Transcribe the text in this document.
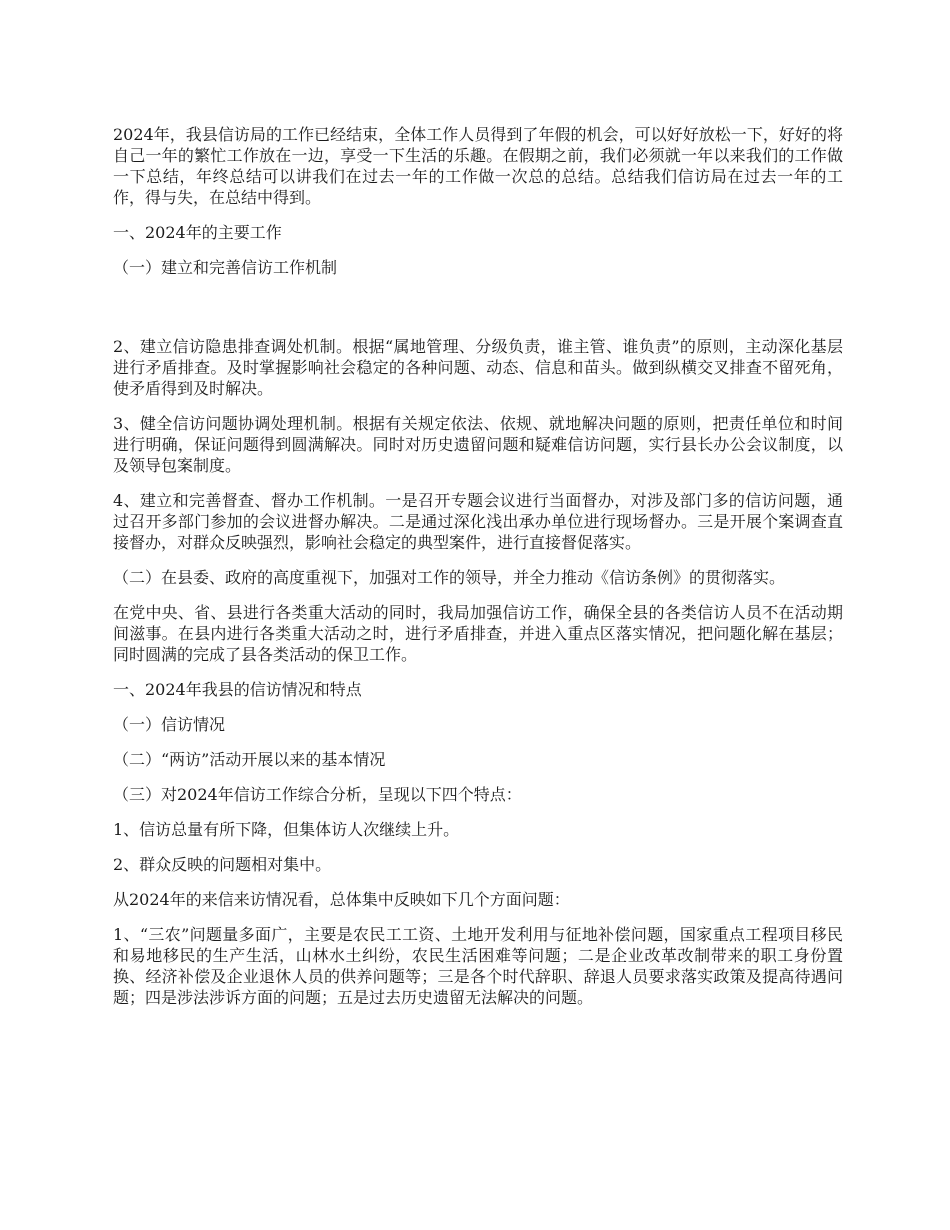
2024年，我县信访局的工作已经结束，全体工作人员得到了年假的机会，可以好好放松一下，好好的将自己一年的繁忙工作放在一边，享受一下生活的乐趣。在假期之前，我们必须就一年以来我们的工作做一下总结，年终总结可以讲我们在过去一年的工作做一次总的总结。总结我们信访局在过去一年的工作，得与失，在总结中得到。

一、2024年的主要工作

（一）建立和完善信访工作机制

2、建立信访隐患排查调处机制。根据“属地管理、分级负责，谁主管、谁负责”的原则，主动深化基层进行矛盾排查。及时掌握影响社会稳定的各种问题、动态、信息和苗头。做到纵横交叉排查不留死角，使矛盾得到及时解决。

3、健全信访问题协调处理机制。根据有关规定依法、依规、就地解决问题的原则，把责任单位和时间进行明确，保证问题得到圆满解决。同时对历史遗留问题和疑难信访问题，实行县长办公会议制度，以及领导包案制度。

4、建立和完善督查、督办工作机制。一是召开专题会议进行当面督办，对涉及部门多的信访问题，通过召开多部门参加的会议进督办解决。二是通过深化浅出承办单位进行现场督办。三是开展个案调查直接督办，对群众反映强烈，影响社会稳定的典型案件，进行直接督促落实。

（二）在县委、政府的高度重视下，加强对工作的领导，并全力推动《信访条例》的贯彻落实。

在党中央、省、县进行各类重大活动的同时，我局加强信访工作，确保全县的各类信访人员不在活动期间滋事。在县内进行各类重大活动之时，进行矛盾排查，并进入重点区落实情况，把问题化解在基层；同时圆满的完成了县各类活动的保卫工作。

一、2024年我县的信访情况和特点

（一）信访情况

（二）“两访”活动开展以来的基本情况

（三）对2024年信访工作综合分析，呈现以下四个特点：

1、信访总量有所下降，但集体访人次继续上升。

2、群众反映的问题相对集中。

从2024年的来信来访情况看，总体集中反映如下几个方面问题：

1、“三农”问题量多面广，主要是农民工工资、土地开发利用与征地补偿问题，国家重点工程项目移民和易地移民的生产生活，山林水土纠纷，农民生活困难等问题；二是企业改革改制带来的职工身份置换、经济补偿及企业退休人员的供养问题等；三是各个时代辞职、辞退人员要求落实政策及提高待遇问题；四是涉法涉诉方面的问题；五是过去历史遗留无法解决的问题。
